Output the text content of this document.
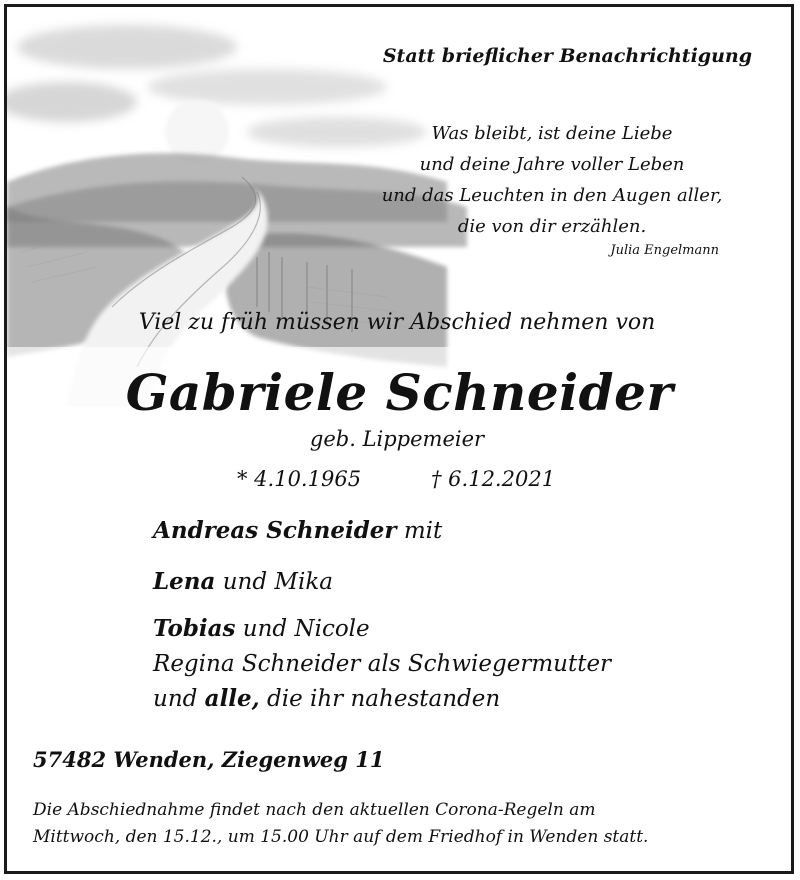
Statt brieflicher Benachrichtigung
Was bleibt, ist deine Liebe
und deine Jahre voller Leben
und das Leuchten in den Augen aller,
die von dir erzählen.
Julia Engelmann
Viel zu früh müssen wir Abschied nehmen von
Gabriele Schneider
geb. Lippemeier
* 4.10.1965	† 6.12.2021
Andreas Schneider mit
Lena und Mika
Tobias und Nicole
Regina Schneider als Schwiegermutter
und alle, die ihr nahestanden
57482 Wenden, Ziegenweg 11
Die Abschiednahme findet nach den aktuellen Corona-Regeln am
Mittwoch, den 15.12., um 15.00 Uhr auf dem Friedhof in Wenden statt.
